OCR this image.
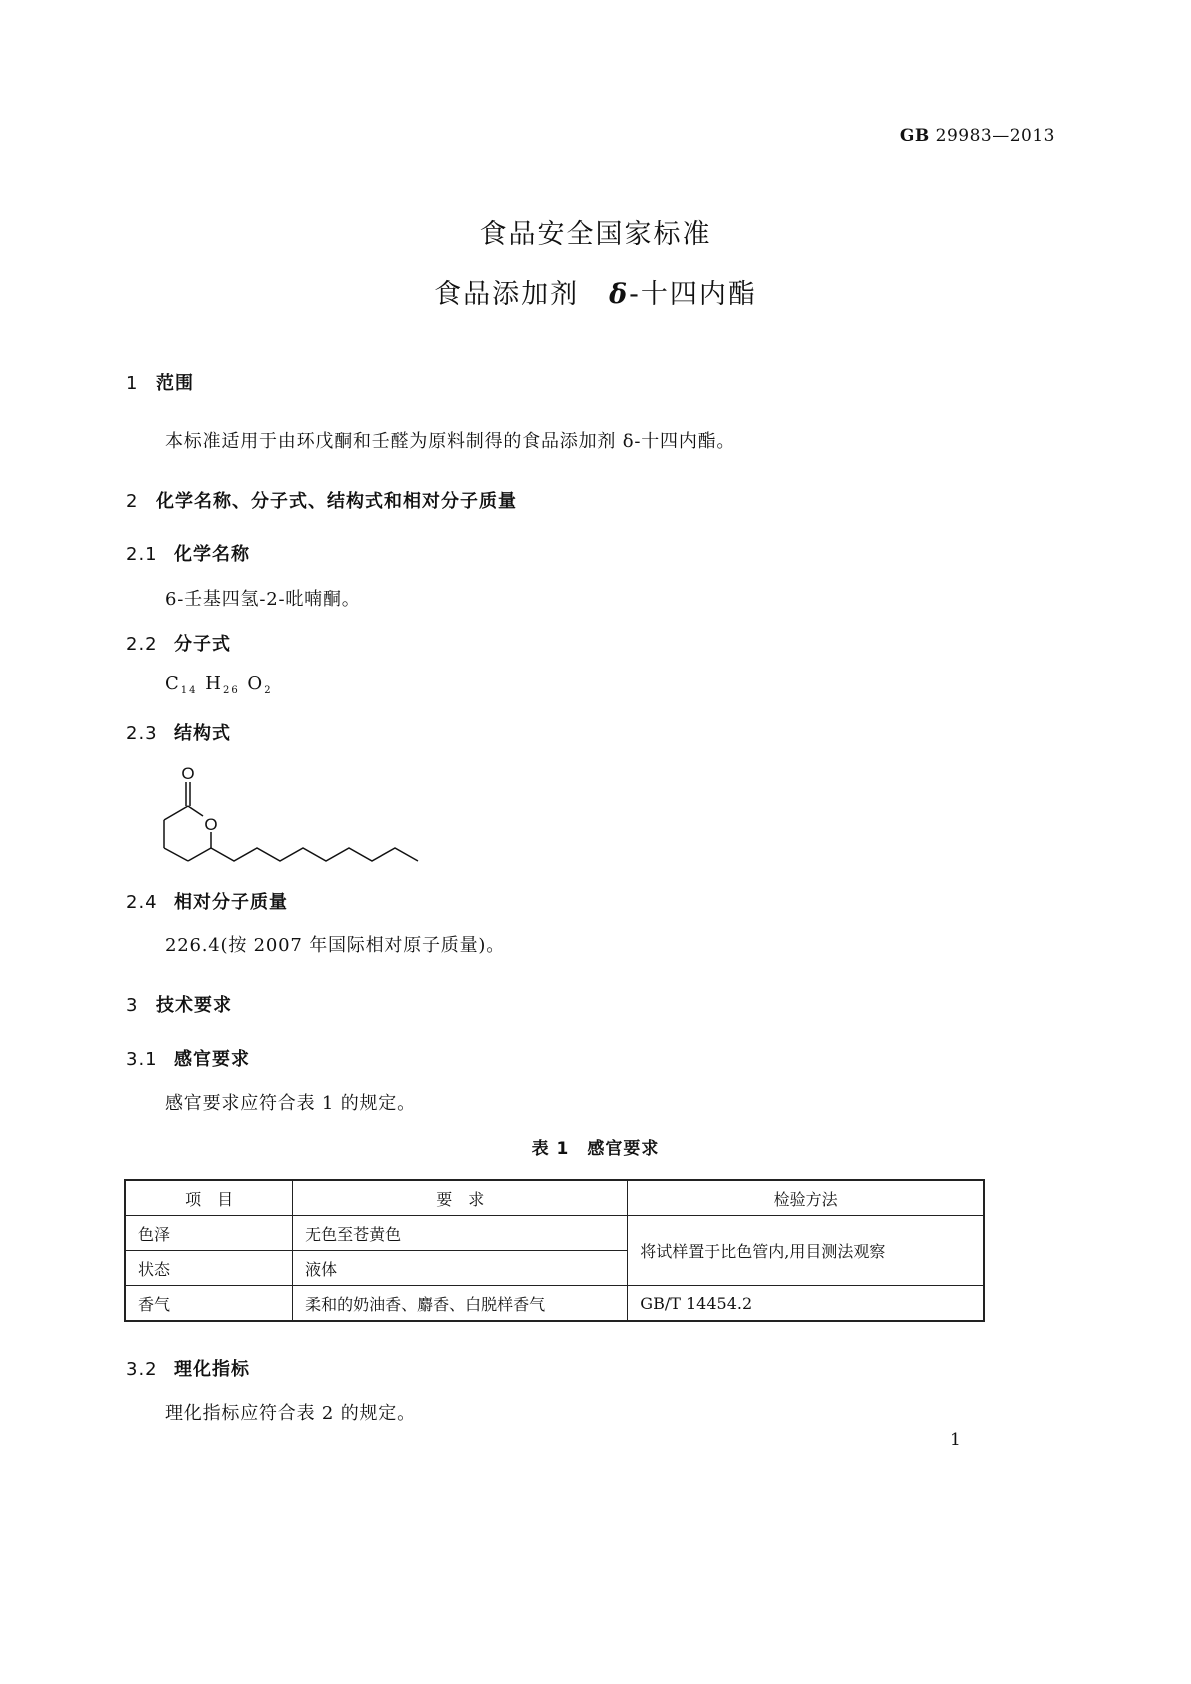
GB 29983—2013
食品安全国家标准
食品添加剂 δ-十四内酯
1 范围
本标准适用于由环戊酮和壬醛为原料制得的食品添加剂 δ-十四内酯。
2 化学名称、分子式、结构式和相对分子质量
2.1 化学名称
6-壬基四氢-2-吡喃酮。
2.2 分子式
$C_{14}$ $H_{26}$ $O_2$
2.3 结构式
O
O
2.4 相对分子质量
226.4(按 2007 年国际相对原子质量)。
3 技术要求
3.1 感官要求
感官要求应符合表 1 的规定。
表 1　感官要求
项　目	要　求	检验方法
色泽	无色至苍黄色	将试样置于比色管内,用目测法观察
状态	液体	
香气	柔和的奶油香、麝香、白脱样香气	GB/T 14454.2
3.2 理化指标
理化指标应符合表 2 的规定。
1
